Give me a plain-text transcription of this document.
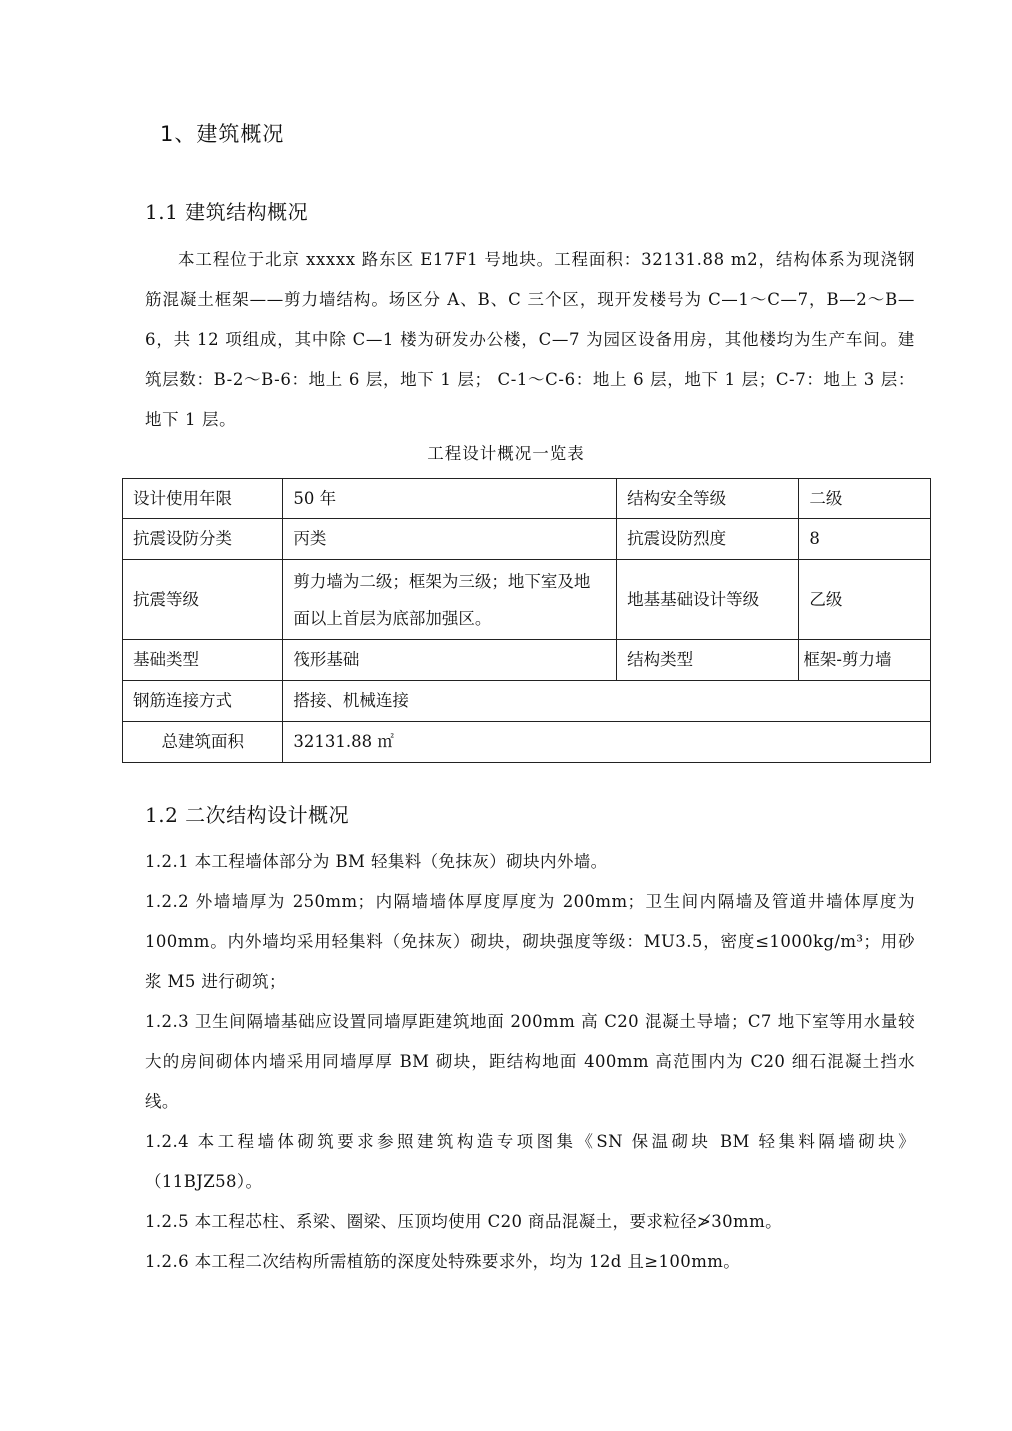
1、建筑概况
1.1 建筑结构概况
本工程位于北京 xxxxx 路东区 E17F1 号地块。工程面积：32131.88 m2，结构体系为现浇钢筋混凝土框架——剪力墙结构。场区分 A、B、C 三个区，现开发楼号为 C—1～C—7，B—2～B—6，共 12 项组成，其中除 C—1 楼为研发办公楼，C—7 为园区设备用房，其他楼均为生产车间。建筑层数：B-2～B-6：地上 6 层，地下 1 层； C-1～C-6：地上 6 层，地下 1 层；C-7：地上 3 层：地下 1 层。
工程设计概况一览表
设计使用年限	50 年	结构安全等级	二级
抗震设防分类	丙类	抗震设防烈度	8
抗震等级	剪力墙为二级；框架为三级；地下室及地面以上首层为底部加强区。	地基基础设计等级	乙级
基础类型	筏形基础	结构类型	框架-剪力墙
钢筋连接方式	搭接、机械连接		
总建筑面积	32131.88 ㎡		
1.2 二次结构设计概况

1.2.1 本工程墙体部分为 BM 轻集料（免抹灰）砌块内外墙。

1.2.2 外墙墙厚为 250mm；内隔墙墙体厚度厚度为 200mm；卫生间内隔墙及管道井墙体厚度为 100mm。内外墙均采用轻集料（免抹灰）砌块，砌块强度等级：MU3.5，密度≤1000kg/m³；用砂浆 M5 进行砌筑；

1.2.3 卫生间隔墙基础应设置同墙厚距建筑地面 200mm 高 C20 混凝土导墙；C7 地下室等用水量较大的房间砌体内墙采用同墙厚厚 BM 砌块，距结构地面 400mm 高范围内为 C20 细石混凝土挡水线。

1.2.4 本工程墙体砌筑要求参照建筑构造专项图集《SN 保温砌块 BM 轻集料隔墙砌块》（11BJZ58）。

1.2.5 本工程芯柱、系梁、圈梁、压顶均使用 C20 商品混凝土，要求粒径≯30mm。

1.2.6 本工程二次结构所需植筋的深度处特殊要求外，均为 12d 且≥100mm。
